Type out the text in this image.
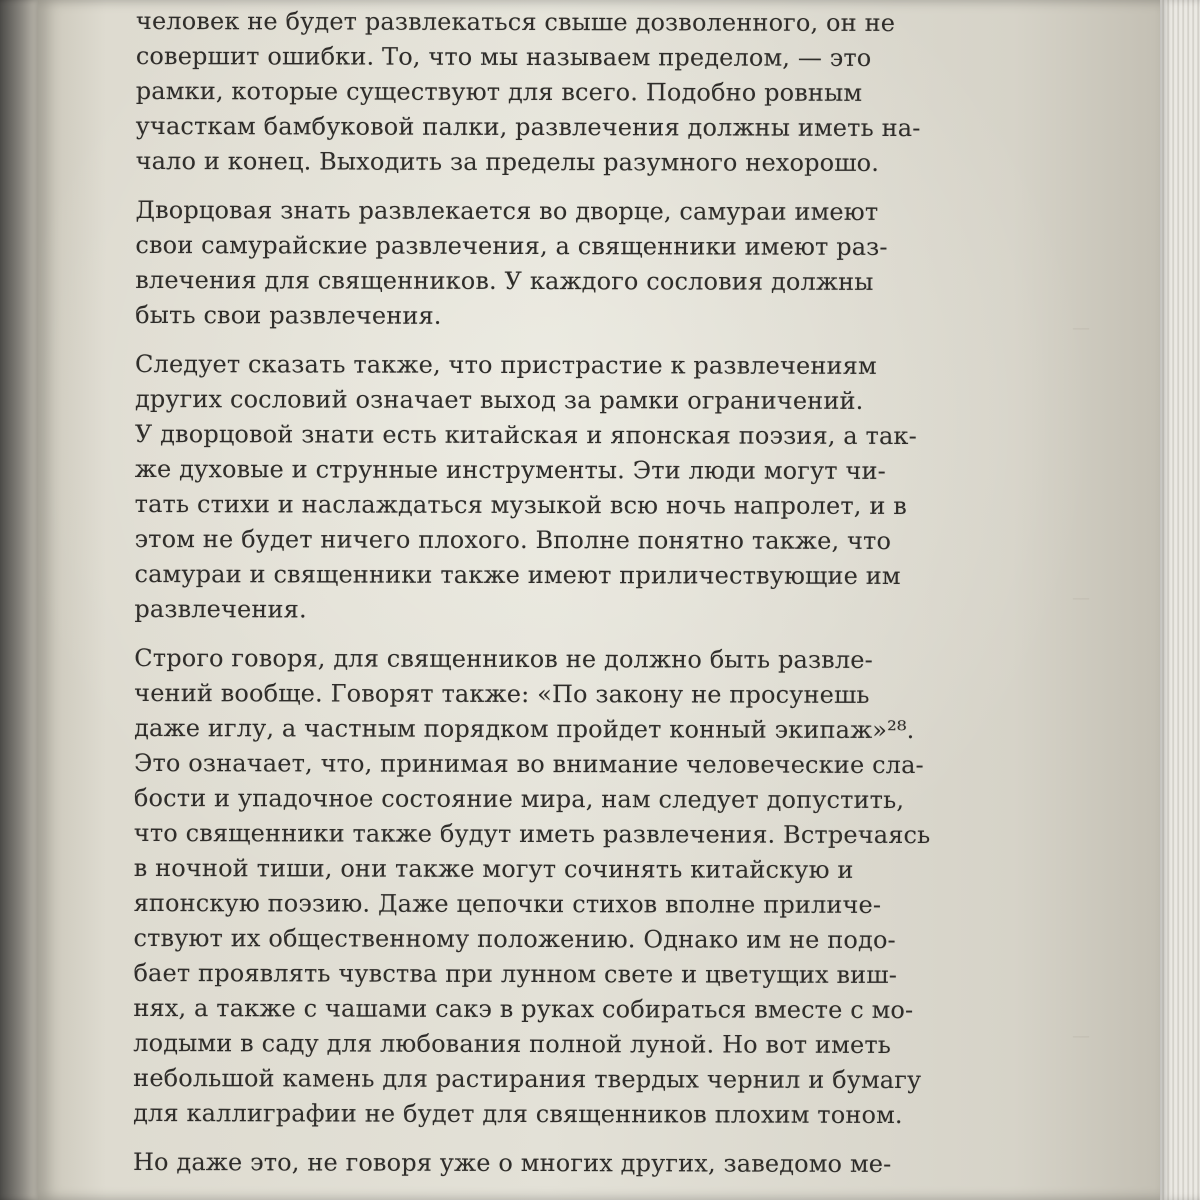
—
—
—

человек не будет развлекаться свыше дозволенного, он не
совершит ошибки. То, что мы называем пределом, — это
рамки, которые существуют для всего. Подобно ровным
участкам бамбуковой палки, развлечения должны иметь на-
чало и конец. Выходить за пределы разумного нехорошо.

Дворцовая знать развлекается во дворце, самураи имеют
свои самурайские развлечения, а священники имеют раз-
влечения для священников. У каждого сословия должны
быть свои развлечения.

Следует сказать также, что пристрастие к развлечениям
других сословий означает выход за рамки ограничений.
У дворцовой знати есть китайская и японская поэзия, а так-
же духовые и струнные инструменты. Эти люди могут чи-
тать стихи и наслаждаться музыкой всю ночь напролет, и в
этом не будет ничего плохого. Вполне понятно также, что
самураи и священники также имеют приличествующие им
развлечения.

Строго говоря, для священников не должно быть развле-
чений вообще. Говорят также: «По закону не просунешь
даже иглу, а частным порядком пройдет конный экипаж»²⁸.
Это означает, что, принимая во внимание человеческие сла-
бости и упадочное состояние мира, нам следует допустить,
что священники также будут иметь развлечения. Встречаясь
в ночной тиши, они также могут сочинять китайскую и
японскую поэзию. Даже цепочки стихов вполне приличе-
ствуют их общественному положению. Однако им не подо-
бает проявлять чувства при лунном свете и цветущих виш-
нях, а также с чашами сакэ в руках собираться вместе с мо-
лодыми в саду для любования полной луной. Но вот иметь
небольшой камень для растирания твердых чернил и бумагу
для каллиграфии не будет для священников плохим тоном.

Но даже это, не говоря уже о многих других, заведомо ме-
